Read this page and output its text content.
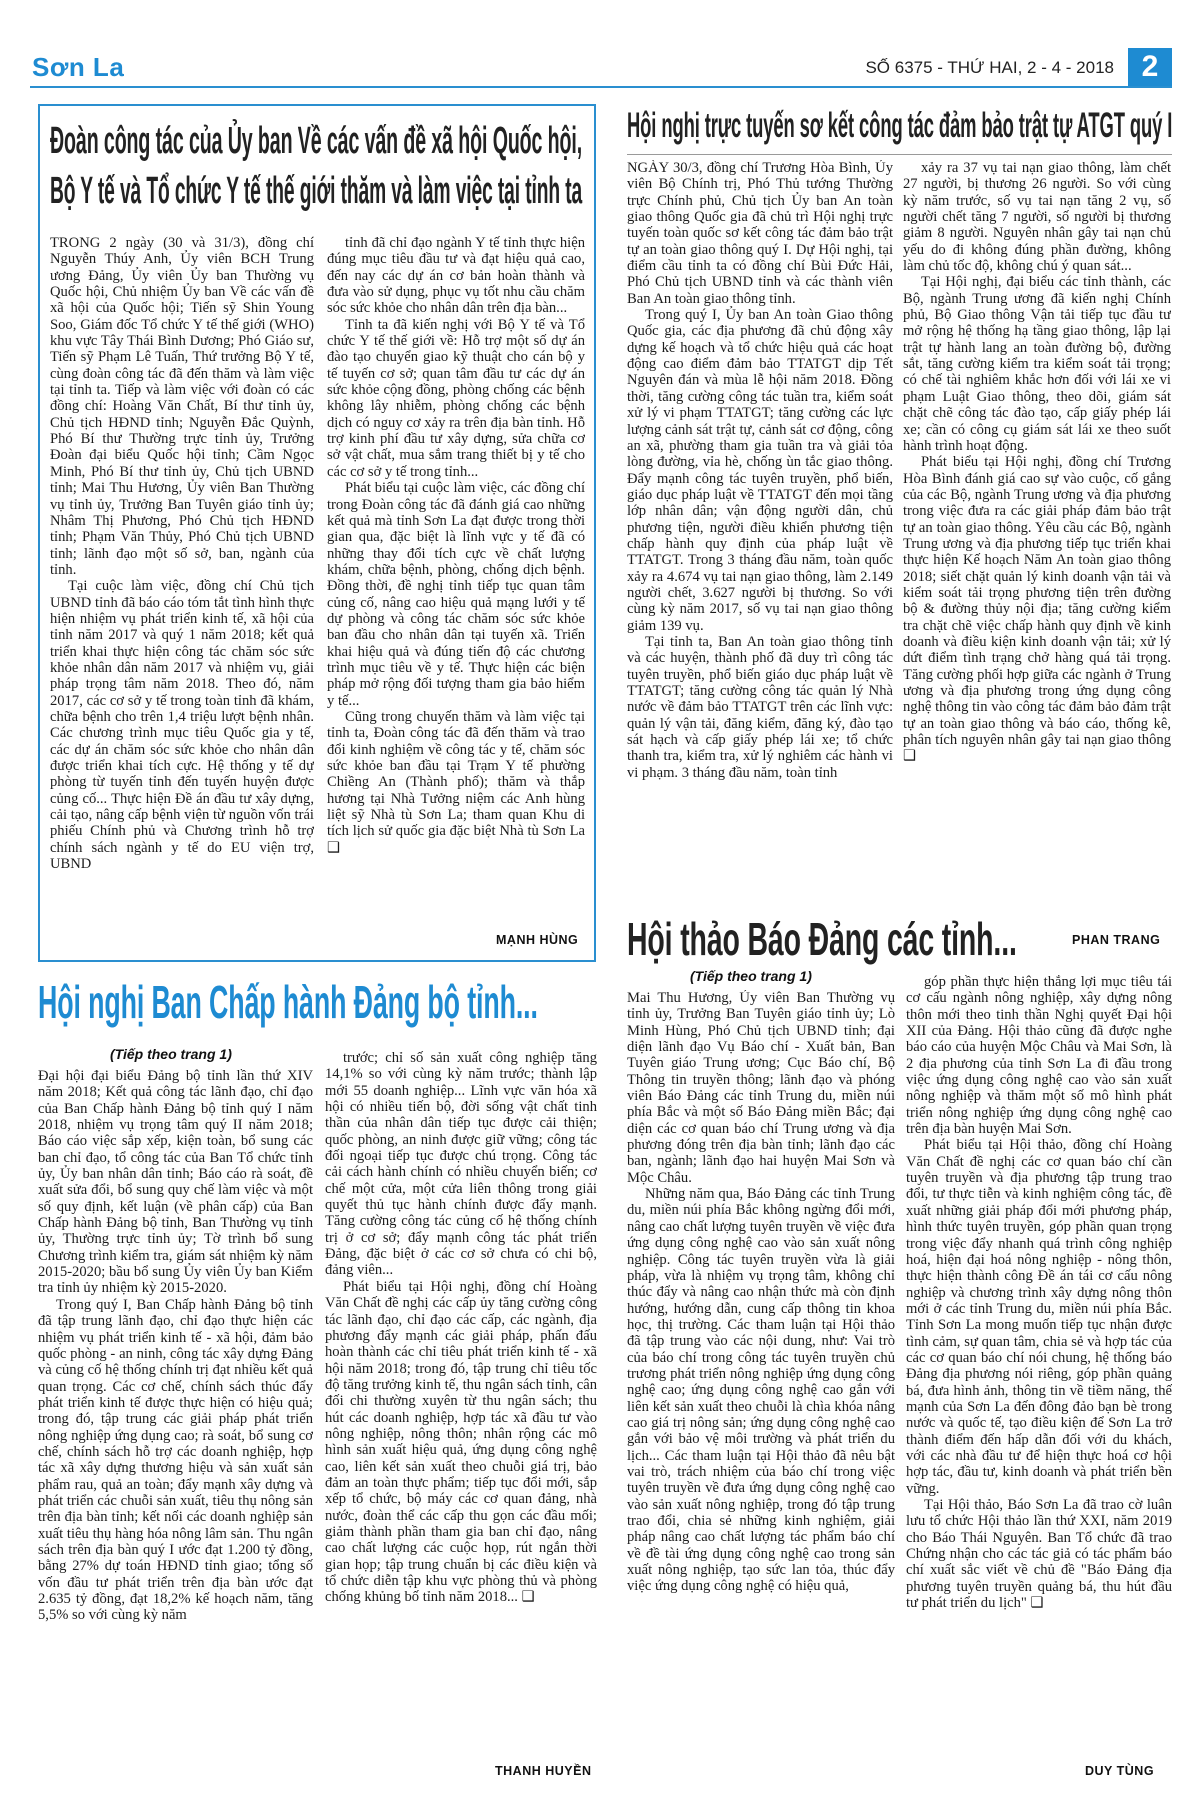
Sơn La	SỐ 6375 - THỨ HAI, 2 - 4 - 2018 2
Đoàn công tác của Ủy ban Về các vấn đề xã hội Quốc hội,
Bộ Y tế và Tổ chức Y tế thế giới thăm và làm việc tại tỉnh ta

TRONG 2 ngày (30 và 31/3), đồng chí Nguyễn Thúy Anh, Ủy viên BCH Trung ương Đảng, Ủy viên Ủy ban Thường vụ Quốc hội, Chủ nhiệm Ủy ban Về các vấn đề xã hội của Quốc hội; Tiến sỹ Shin Young Soo, Giám đốc Tổ chức Y tế thế giới (WHO) khu vực Tây Thái Bình Dương; Phó Giáo sư, Tiến sỹ Phạm Lê Tuấn, Thứ trưởng Bộ Y tế, cùng đoàn công tác đã đến thăm và làm việc tại tỉnh ta. Tiếp và làm việc với đoàn có các đồng chí: Hoàng Văn Chất, Bí thư tỉnh ủy, Chủ tịch HĐND tỉnh; Nguyễn Đắc Quỳnh, Phó Bí thư Thường trực tỉnh ủy, Trưởng Đoàn đại biểu Quốc hội tỉnh; Cầm Ngọc Minh, Phó Bí thư tỉnh ủy, Chủ tịch UBND tỉnh; Mai Thu Hương, Ủy viên Ban Thường vụ tỉnh ủy, Trưởng Ban Tuyên giáo tỉnh ủy; Nhâm Thị Phương, Phó Chủ tịch HĐND tỉnh; Phạm Văn Thủy, Phó Chủ tịch UBND tỉnh; lãnh đạo một số sở, ban, ngành của tỉnh.

Tại cuộc làm việc, đồng chí Chủ tịch UBND tỉnh đã báo cáo tóm tắt tình hình thực hiện nhiệm vụ phát triển kinh tế, xã hội của tỉnh năm 2017 và quý 1 năm 2018; kết quả triển khai thực hiện công tác chăm sóc sức khỏe nhân dân năm 2017 và nhiệm vụ, giải pháp trọng tâm năm 2018. Theo đó, năm 2017, các cơ sở y tế trong toàn tỉnh đã khám, chữa bệnh cho trên 1,4 triệu lượt bệnh nhân. Các chương trình mục tiêu Quốc gia y tế, các dự án chăm sóc sức khỏe cho nhân dân được triển khai tích cực. Hệ thống y tế dự phòng từ tuyến tỉnh đến tuyến huyện được củng cố... Thực hiện Đề án đầu tư xây dựng, cải tạo, nâng cấp bệnh viện từ nguồn vốn trái phiếu Chính phủ và Chương trình hỗ trợ chính sách ngành y tế do EU viện trợ, UBND

tỉnh đã chỉ đạo ngành Y tế tỉnh thực hiện đúng mục tiêu đầu tư và đạt hiệu quả cao, đến nay các dự án cơ bản hoàn thành và đưa vào sử dụng, phục vụ tốt nhu cầu chăm sóc sức khỏe cho nhân dân trên địa bàn...

Tỉnh ta đã kiến nghị với Bộ Y tế và Tổ chức Y tế thế giới về: Hỗ trợ một số dự án đào tạo chuyển giao kỹ thuật cho cán bộ y tế tuyến cơ sở; quan tâm đầu tư các dự án sức khỏe cộng đồng, phòng chống các bệnh không lây nhiễm, phòng chống các bệnh dịch có nguy cơ xảy ra trên địa bàn tỉnh. Hỗ trợ kinh phí đầu tư xây dựng, sửa chữa cơ sở vật chất, mua sắm trang thiết bị y tế cho các cơ sở y tế trong tỉnh...

Phát biểu tại cuộc làm việc, các đồng chí trong Đoàn công tác đã đánh giá cao những kết quả mà tỉnh Sơn La đạt được trong thời gian qua, đặc biệt là lĩnh vực y tế đã có những thay đổi tích cực về chất lượng khám, chữa bệnh, phòng, chống dịch bệnh. Đồng thời, đề nghị tỉnh tiếp tục quan tâm củng cố, nâng cao hiệu quả mạng lưới y tế dự phòng và công tác chăm sóc sức khỏe ban đầu cho nhân dân tại tuyến xã. Triển khai hiệu quả và đúng tiến độ các chương trình mục tiêu về y tế. Thực hiện các biện pháp mở rộng đối tượng tham gia bảo hiểm y tế...

Cũng trong chuyến thăm và làm việc tại tỉnh ta, Đoàn công tác đã đến thăm và trao đổi kinh nghiệm về công tác y tế, chăm sóc sức khỏe ban đầu tại Trạm Y tế phường Chiềng An (Thành phố); thăm và thắp hương tại Nhà Tưởng niệm các Anh hùng liệt sỹ Nhà tù Sơn La; tham quan Khu di tích lịch sử quốc gia đặc biệt Nhà tù Sơn La ❑

MẠNH HÙNG
Hội nghị trực tuyến sơ kết công tác đảm bảo trật tự ATGT quý I

NGÀY 30/3, đồng chí Trương Hòa Bình, Ủy viên Bộ Chính trị, Phó Thủ tướng Thường trực Chính phủ, Chủ tịch Ủy ban An toàn giao thông Quốc gia đã chủ trì Hội nghị trực tuyến toàn quốc sơ kết công tác đảm bảo trật tự an toàn giao thông quý I. Dự Hội nghị, tại điểm cầu tỉnh ta có đồng chí Bùi Đức Hải, Phó Chủ tịch UBND tỉnh và các thành viên Ban An toàn giao thông tỉnh.

Trong quý I, Ủy ban An toàn Giao thông Quốc gia, các địa phương đã chủ động xây dựng kế hoạch và tổ chức hiệu quả các hoạt động cao điểm đảm bảo TTATGT dịp Tết Nguyên đán và mùa lễ hội năm 2018. Đồng thời, tăng cường công tác tuần tra, kiểm soát xử lý vi phạm TTATGT; tăng cường các lực lượng cảnh sát trật tự, cảnh sát cơ động, công an xã, phường tham gia tuần tra và giải tỏa lòng đường, vỉa hè, chống ùn tắc giao thông. Đẩy mạnh công tác tuyên truyền, phổ biến, giáo dục pháp luật về TTATGT đến mọi tầng lớp nhân dân; vận động người dân, chủ phương tiện, người điều khiển phương tiện chấp hành quy định của pháp luật về TTATGT. Trong 3 tháng đầu năm, toàn quốc xảy ra 4.674 vụ tai nạn giao thông, làm 2.149 người chết, 3.627 người bị thương. So với cùng kỳ năm 2017, số vụ tai nạn giao thông giảm 139 vụ.

Tại tỉnh ta, Ban An toàn giao thông tỉnh và các huyện, thành phố đã duy trì công tác tuyên truyền, phổ biến giáo dục pháp luật về TTATGT; tăng cường công tác quản lý Nhà nước về đảm bảo TTATGT trên các lĩnh vực: quản lý vận tải, đăng kiểm, đăng ký, đào tạo sát hạch và cấp giấy phép lái xe; tổ chức thanh tra, kiểm tra, xử lý nghiêm các hành vi vi phạm. 3 tháng đầu năm, toàn tỉnh

xảy ra 37 vụ tai nạn giao thông, làm chết 27 người, bị thương 26 người. So với cùng kỳ năm trước, số vụ tai nạn tăng 2 vụ, số người chết tăng 7 người, số người bị thương giảm 8 người. Nguyên nhân gây tai nạn chủ yếu do đi không đúng phần đường, không làm chủ tốc độ, không chú ý quan sát...

Tại Hội nghị, đại biểu các tỉnh thành, các Bộ, ngành Trung ương đã kiến nghị Chính phủ, Bộ Giao thông Vận tải tiếp tục đầu tư mở rộng hệ thống hạ tầng giao thông, lập lại trật tự hành lang an toàn đường bộ, đường sắt, tăng cường kiểm tra kiểm soát tải trọng; có chế tài nghiêm khắc hơn đối với lái xe vi phạm Luật Giao thông, theo dõi, giám sát chặt chẽ công tác đào tạo, cấp giấy phép lái xe; cần có công cụ giám sát lái xe theo suốt hành trình hoạt động.

Phát biểu tại Hội nghị, đồng chí Trương Hòa Bình đánh giá cao sự vào cuộc, cố gắng của các Bộ, ngành Trung ương và địa phương trong việc đưa ra các giải pháp đảm bảo trật tự an toàn giao thông. Yêu cầu các Bộ, ngành Trung ương và địa phương tiếp tục triển khai thực hiện Kế hoạch Năm An toàn giao thông 2018; siết chặt quản lý kinh doanh vận tải và kiểm soát tải trọng phương tiện trên đường bộ & đường thủy nội địa; tăng cường kiểm tra chặt chẽ việc chấp hành quy định về kinh doanh và điều kiện kinh doanh vận tải; xử lý dứt điểm tình trạng chở hàng quá tải trọng. Tăng cường phối hợp giữa các ngành ở Trung ương và địa phương trong ứng dụng công nghệ thông tin vào công tác đảm bảo đảm trật tự an toàn giao thông và báo cáo, thống kê, phân tích nguyên nhân gây tai nạn giao thông ❑

PHAN TRANG
Hội nghị Ban Chấp hành Đảng bộ tỉnh...
(Tiếp theo trang 1)

Đại hội đại biểu Đảng bộ tỉnh lần thứ XIV năm 2018; Kết quả công tác lãnh đạo, chỉ đạo của Ban Chấp hành Đảng bộ tỉnh quý I năm 2018, nhiệm vụ trọng tâm quý II năm 2018; Báo cáo việc sắp xếp, kiện toàn, bổ sung các ban chỉ đạo, tổ công tác của Ban Tổ chức tỉnh ủy, Ủy ban nhân dân tỉnh; Báo cáo rà soát, đề xuất sửa đổi, bổ sung quy chế làm việc và một số quy định, kết luận (về phân cấp) của Ban Chấp hành Đảng bộ tỉnh, Ban Thường vụ tỉnh ủy, Thường trực tỉnh ủy; Tờ trình bổ sung Chương trình kiểm tra, giám sát nhiệm kỳ năm 2015-2020; bầu bổ sung Ủy viên Ủy ban Kiểm tra tỉnh ủy nhiệm kỳ 2015-2020.

Trong quý I, Ban Chấp hành Đảng bộ tỉnh đã tập trung lãnh đạo, chỉ đạo thực hiện các nhiệm vụ phát triển kinh tế - xã hội, đảm bảo quốc phòng - an ninh, công tác xây dựng Đảng và củng cố hệ thống chính trị đạt nhiều kết quả quan trọng. Các cơ chế, chính sách thúc đẩy phát triển kinh tế được thực hiện có hiệu quả; trong đó, tập trung các giải pháp phát triển nông nghiệp ứng dụng cao; rà soát, bổ sung cơ chế, chính sách hỗ trợ các doanh nghiệp, hợp tác xã xây dựng thương hiệu và sản xuất sản phẩm rau, quả an toàn; đẩy mạnh xây dựng và phát triển các chuỗi sản xuất, tiêu thụ nông sản trên địa bàn tỉnh; kết nối các doanh nghiệp sản xuất tiêu thụ hàng hóa nông lâm sản. Thu ngân sách trên địa bàn quý I ước đạt 1.200 tỷ đồng, bằng 27% dự toán HĐND tỉnh giao; tổng số vốn đầu tư phát triển trên địa bàn ước đạt 2.635 tỷ đồng, đạt 18,2% kế hoạch năm, tăng 5,5% so với cùng kỳ năm

trước; chỉ số sản xuất công nghiệp tăng 14,1% so với cùng kỳ năm trước; thành lập mới 55 doanh nghiệp... Lĩnh vực văn hóa xã hội có nhiều tiến bộ, đời sống vật chất tinh thần của nhân dân tiếp tục được cải thiện; quốc phòng, an ninh được giữ vững; công tác đối ngoại tiếp tục được chú trọng. Công tác cải cách hành chính có nhiều chuyển biến; cơ chế một cửa, một cửa liên thông trong giải quyết thủ tục hành chính được đẩy mạnh. Tăng cường công tác củng cố hệ thống chính trị ở cơ sở; đẩy mạnh công tác phát triển Đảng, đặc biệt ở các cơ sở chưa có chi bộ, đảng viên...

Phát biểu tại Hội nghị, đồng chí Hoàng Văn Chất đề nghị các cấp ủy tăng cường công tác lãnh đạo, chỉ đạo các cấp, các ngành, địa phương đẩy mạnh các giải pháp, phấn đấu hoàn thành các chỉ tiêu phát triển kinh tế - xã hội năm 2018; trong đó, tập trung chỉ tiêu tốc độ tăng trưởng kinh tế, thu ngân sách tỉnh, cân đối chi thường xuyên từ thu ngân sách; thu hút các doanh nghiệp, hợp tác xã đầu tư vào nông nghiệp, nông thôn; nhân rộng các mô hình sản xuất hiệu quả, ứng dụng công nghệ cao, liên kết sản xuất theo chuỗi giá trị, bảo đảm an toàn thực phẩm; tiếp tục đổi mới, sắp xếp tổ chức, bộ máy các cơ quan đảng, nhà nước, đoàn thể các cấp thu gọn các đầu mối; giảm thành phần tham gia ban chỉ đạo, nâng cao chất lượng các cuộc họp, rút ngắn thời gian họp; tập trung chuẩn bị các điều kiện và tổ chức diễn tập khu vực phòng thủ và phòng chống khủng bố tỉnh năm 2018... ❑

THANH HUYỀN
Hội thảo Báo Đảng các tỉnh...
(Tiếp theo trang 1)

Mai Thu Hương, Ủy viên Ban Thường vụ tỉnh ủy, Trưởng Ban Tuyên giáo tỉnh ủy; Lò Minh Hùng, Phó Chủ tịch UBND tỉnh; đại diện lãnh đạo Vụ Báo chí - Xuất bản, Ban Tuyên giáo Trung ương; Cục Báo chí, Bộ Thông tin truyền thông; lãnh đạo và phóng viên Báo Đảng các tỉnh Trung du, miền núi phía Bắc và một số Báo Đảng miền Bắc; đại diện các cơ quan báo chí Trung ương và địa phương đóng trên địa bàn tỉnh; lãnh đạo các ban, ngành; lãnh đạo hai huyện Mai Sơn và Mộc Châu.

Những năm qua, Báo Đảng các tỉnh Trung du, miền núi phía Bắc không ngừng đổi mới, nâng cao chất lượng tuyên truyền về việc đưa ứng dụng công nghệ cao vào sản xuất nông nghiệp. Công tác tuyên truyền vừa là giải pháp, vừa là nhiệm vụ trọng tâm, không chỉ thúc đẩy và nâng cao nhận thức mà còn định hướng, hướng dẫn, cung cấp thông tin khoa học, thị trường. Các tham luận tại Hội thảo đã tập trung vào các nội dung, như: Vai trò của báo chí trong công tác tuyên truyền chủ trương phát triển nông nghiệp ứng dụng công nghệ cao; ứng dụng công nghệ cao gắn với liên kết sản xuất theo chuỗi là chìa khóa nâng cao giá trị nông sản; ứng dụng công nghệ cao gắn với bảo vệ môi trường và phát triển du lịch... Các tham luận tại Hội thảo đã nêu bật vai trò, trách nhiệm của báo chí trong việc tuyên truyền về đưa ứng dụng công nghệ cao vào sản xuất nông nghiệp, trong đó tập trung trao đổi, chia sẻ những kinh nghiệm, giải pháp nâng cao chất lượng tác phẩm báo chí về đề tài ứng dụng công nghệ cao trong sản xuất nông nghiệp, tạo sức lan tỏa, thúc đẩy việc ứng dụng công nghệ có hiệu quả,

góp phần thực hiện thắng lợi mục tiêu tái cơ cấu ngành nông nghiệp, xây dựng nông thôn mới theo tinh thần Nghị quyết Đại hội XII của Đảng. Hội thảo cũng đã được nghe báo cáo của huyện Mộc Châu và Mai Sơn, là 2 địa phương của tỉnh Sơn La đi đầu trong việc ứng dụng công nghệ cao vào sản xuất nông nghiệp và thăm một số mô hình phát triển nông nghiệp ứng dụng công nghệ cao trên địa bàn huyện Mai Sơn.

Phát biểu tại Hội thảo, đồng chí Hoàng Văn Chất đề nghị các cơ quan báo chí cần tuyên truyền và địa phương tập trung trao đổi, tư thực tiễn và kinh nghiệm công tác, đề xuất những giải pháp đổi mới phương pháp, hình thức tuyên truyền, góp phần quan trọng trong việc đẩy nhanh quá trình công nghiệp hoá, hiện đại hoá nông nghiệp - nông thôn, thực hiện thành công Đề án tái cơ cấu nông nghiệp và chương trình xây dựng nông thôn mới ở các tỉnh Trung du, miền núi phía Bắc. Tỉnh Sơn La mong muốn tiếp tục nhận được tình cảm, sự quan tâm, chia sẻ và hợp tác của các cơ quan báo chí nói chung, hệ thống báo Đảng địa phương nói riêng, góp phần quảng bá, đưa hình ảnh, thông tin về tiềm năng, thế mạnh của Sơn La đến đông đảo bạn bè trong nước và quốc tế, tạo điều kiện để Sơn La trở thành điểm đến hấp dẫn đối với du khách, với các nhà đầu tư để hiện thực hoá cơ hội hợp tác, đầu tư, kinh doanh và phát triển bền vững.

Tại Hội thảo, Báo Sơn La đã trao cờ luân lưu tổ chức Hội thảo lần thứ XXI, năm 2019 cho Báo Thái Nguyên. Ban Tổ chức đã trao Chứng nhận cho các tác giả có tác phẩm báo chí xuất sắc viết về chủ đề "Báo Đảng địa phương tuyên truyền quảng bá, thu hút đầu tư phát triển du lịch" ❑

DUY TÙNG
